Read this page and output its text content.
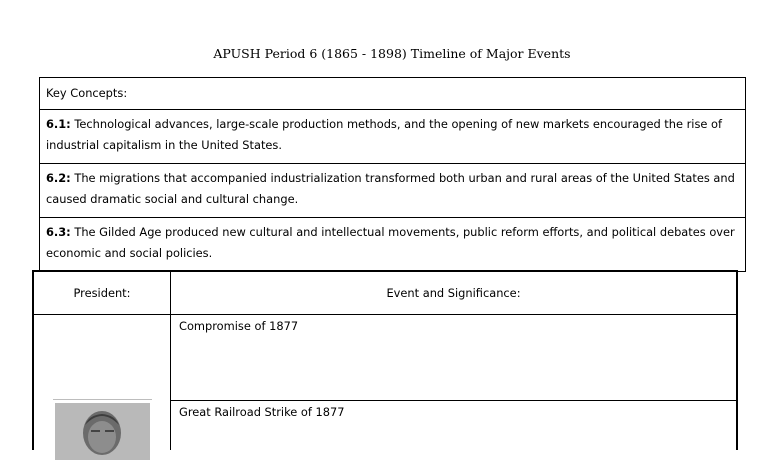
APUSH Period 6 (1865 - 1898) Timeline of Major Events
Key Concepts:
6.1: Technological advances, large-scale production methods, and the opening of new markets encouraged the rise of industrial capitalism in the United States.
6.2: The migrations that accompanied industrialization transformed both urban and rural areas of the United States and caused dramatic social and cultural change.
6.3: The Gilded Age produced new cultural and intellectual movements, public reform efforts, and political debates over economic and social policies.
President:	Event and Significance:
Compromise of 1877
Great Railroad Strike of 1877
